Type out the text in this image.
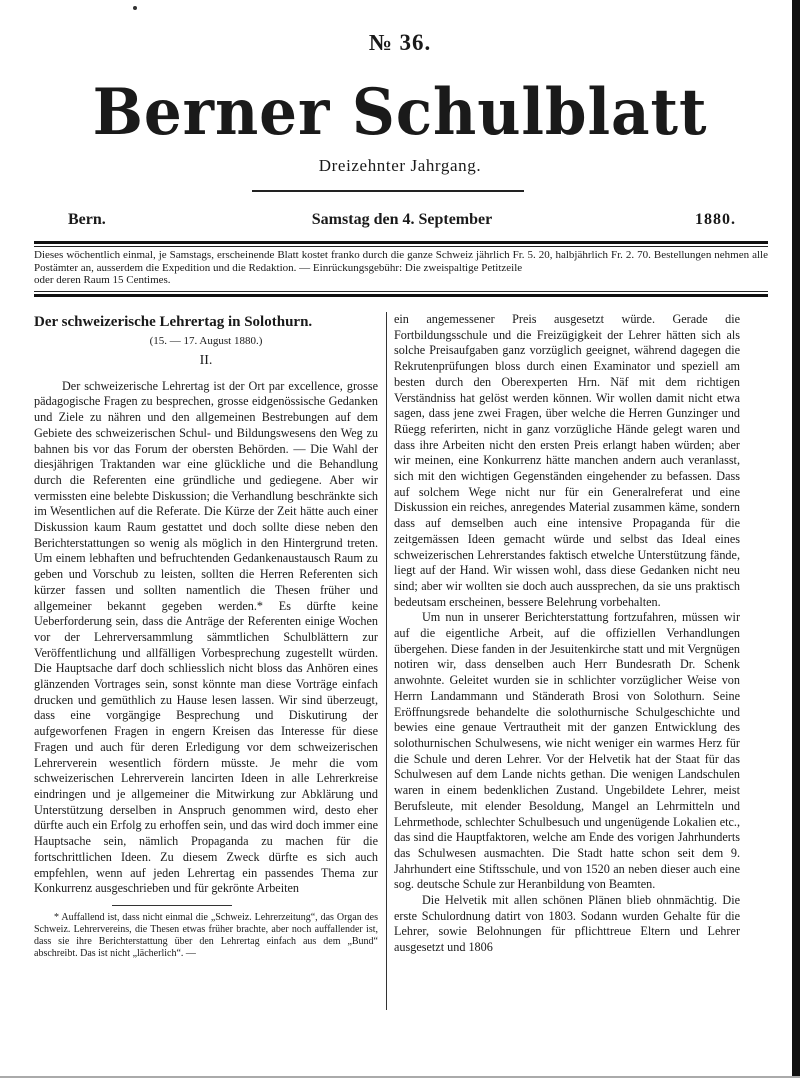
№ 36.
Berner Schulblatt
Dreizehnter Jahrgang.
Bern.	Samstag den 4. September	1880.
Dieses wöchentlich einmal, je Samstags, erscheinende Blatt kostet franko durch die ganze Schweiz jährlich Fr. 5. 20, halbjährlich Fr. 2. 70. Bestellungen nehmen alle Postämter an, ausserdem die Expedition und die Redaktion. — Einrückungsgebühr: Die zweispaltige Petitzeile
oder deren Raum 15 Centimes.
Der schweizerische Lehrertag in Solothurn.
(15. — 17. August 1880.)
II.

Der schweizerische Lehrertag ist der Ort par excellence, grosse pädagogische Fragen zu besprechen, grosse eidgenössische Gedanken und Ziele zu nähren und den allgemeinen Bestrebungen auf dem Gebiete des schweizerischen Schul- und Bildungswesens den Weg zu bahnen bis vor das Forum der obersten Behörden. — Die Wahl der diesjährigen Traktanden war eine glückliche und die Behandlung durch die Referenten eine gründliche und gediegene. Aber wir vermissten eine belebte Diskussion; die Verhandlung beschränkte sich im Wesentlichen auf die Referate. Die Kürze der Zeit hätte auch einer Diskussion kaum Raum gestattet und doch sollte diese neben den Berichterstattungen so wenig als möglich in den Hintergrund treten. Um einem lebhaften und befruchtenden Gedankenaustausch Raum zu geben und Vorschub zu leisten, sollten die Herren Referenten sich kürzer fassen und sollten namentlich die Thesen früher und allgemeiner bekannt gegeben werden.* Es dürfte keine Ueberforderung sein, dass die Anträge der Referenten einige Wochen vor der Lehrerversammlung sämmtlichen Schulblättern zur Veröffentlichung und allfälligen Vorbesprechung zugestellt würden. Die Hauptsache darf doch schliesslich nicht bloss das Anhören eines glänzenden Vortrages sein, sonst könnte man diese Vorträge einfach drucken und gemüthlich zu Hause lesen lassen. Wir sind überzeugt, dass eine vorgängige Besprechung und Diskutirung der aufgeworfenen Fragen in engern Kreisen das Interesse für diese Fragen und auch für deren Erledigung vor dem schweizerischen Lehrerverein wesentlich fördern müsste. Je mehr die vom schweizerischen Lehrerverein lancirten Ideen in alle Lehrerkreise eindringen und je allgemeiner die Mitwirkung zur Abklärung und Unterstützung derselben in Anspruch genommen wird, desto eher dürfte auch ein Erfolg zu erhoffen sein, und das wird doch immer eine Hauptsache sein, nämlich Propaganda zu machen für die fortschrittlichen Ideen. Zu diesem Zweck dürfte es sich auch empfehlen, wenn auf jeden Lehrertag ein passendes Thema zur Konkurrenz ausgeschrieben und für gekrönte Arbeiten

* Auffallend ist, dass nicht einmal die „Schweiz. Lehrerzeitung“, das Organ des Schweiz. Lehrervereins, die Thesen etwas früher brachte, aber noch auffallender ist, dass sie ihre Berichterstattung über den Lehrertag einfach aus dem „Bund“ abschreibt. Das ist nicht „lächerlich“. —

ein angemessener Preis ausgesetzt würde. Gerade die Fortbildungsschule und die Freizügigkeit der Lehrer hätten sich als solche Preisaufgaben ganz vorzüglich geeignet, während dagegen die Rekrutenprüfungen bloss durch einen Examinator und speziell am besten durch den Oberexperten Hrn. Näf mit dem richtigen Verständniss hat gelöst werden können. Wir wollen damit nicht etwa sagen, dass jene zwei Fragen, über welche die Herren Gunzinger und Rüegg referirten, nicht in ganz vorzügliche Hände gelegt waren und dass ihre Arbeiten nicht den ersten Preis erlangt haben würden; aber wir meinen, eine Konkurrenz hätte manchen andern auch veranlasst, sich mit den wichtigen Gegenständen eingehender zu befassen. Dass auf solchem Wege nicht nur für ein Generalreferat und eine Diskussion ein reiches, anregendes Material zusammen käme, sondern dass auf demselben auch eine intensive Propaganda für die zeitgemässen Ideen gemacht würde und selbst das Ideal eines schweizerischen Lehrerstandes faktisch etwelche Unterstützung fände, liegt auf der Hand. Wir wissen wohl, dass diese Gedanken nicht neu sind; aber wir wollten sie doch auch aussprechen, da sie uns praktisch bedeutsam erscheinen, bessere Belehrung vorbehalten.

Um nun in unserer Berichterstattung fortzufahren, müssen wir auf die eigentliche Arbeit, auf die offiziellen Verhandlungen übergehen. Diese fanden in der Jesuitenkirche statt und mit Vergnügen notiren wir, dass denselben auch Herr Bundesrath Dr. Schenk anwohnte. Geleitet wurden sie in schlichter vorzüglicher Weise von Herrn Landammann und Ständerath Brosi von Solothurn. Seine Eröffnungsrede behandelte die solothurnische Schulgeschichte und bewies eine genaue Vertrautheit mit der ganzen Entwicklung des solothurnischen Schulwesens, wie nicht weniger ein warmes Herz für die Schule und deren Lehrer. Vor der Helvetik hat der Staat für das Schulwesen auf dem Lande nichts gethan. Die wenigen Landschulen waren in einem bedenklichen Zustand. Ungebildete Lehrer, meist Berufsleute, mit elender Besoldung, Mangel an Lehrmitteln und Lehrmethode, schlechter Schulbesuch und ungenügende Lokalien etc., das sind die Hauptfaktoren, welche am Ende des vorigen Jahrhunderts das Schulwesen ausmachten. Die Stadt hatte schon seit dem 9. Jahrhundert eine Stiftsschule, und von 1520 an neben dieser auch eine sog. deutsche Schule zur Heranbildung von Beamten.

Die Helvetik mit allen schönen Plänen blieb ohnmächtig. Die erste Schulordnung datirt von 1803. Sodann wurden Gehalte für die Lehrer, sowie Belohnungen für pflichttreue Eltern und Lehrer ausgesetzt und 1806
